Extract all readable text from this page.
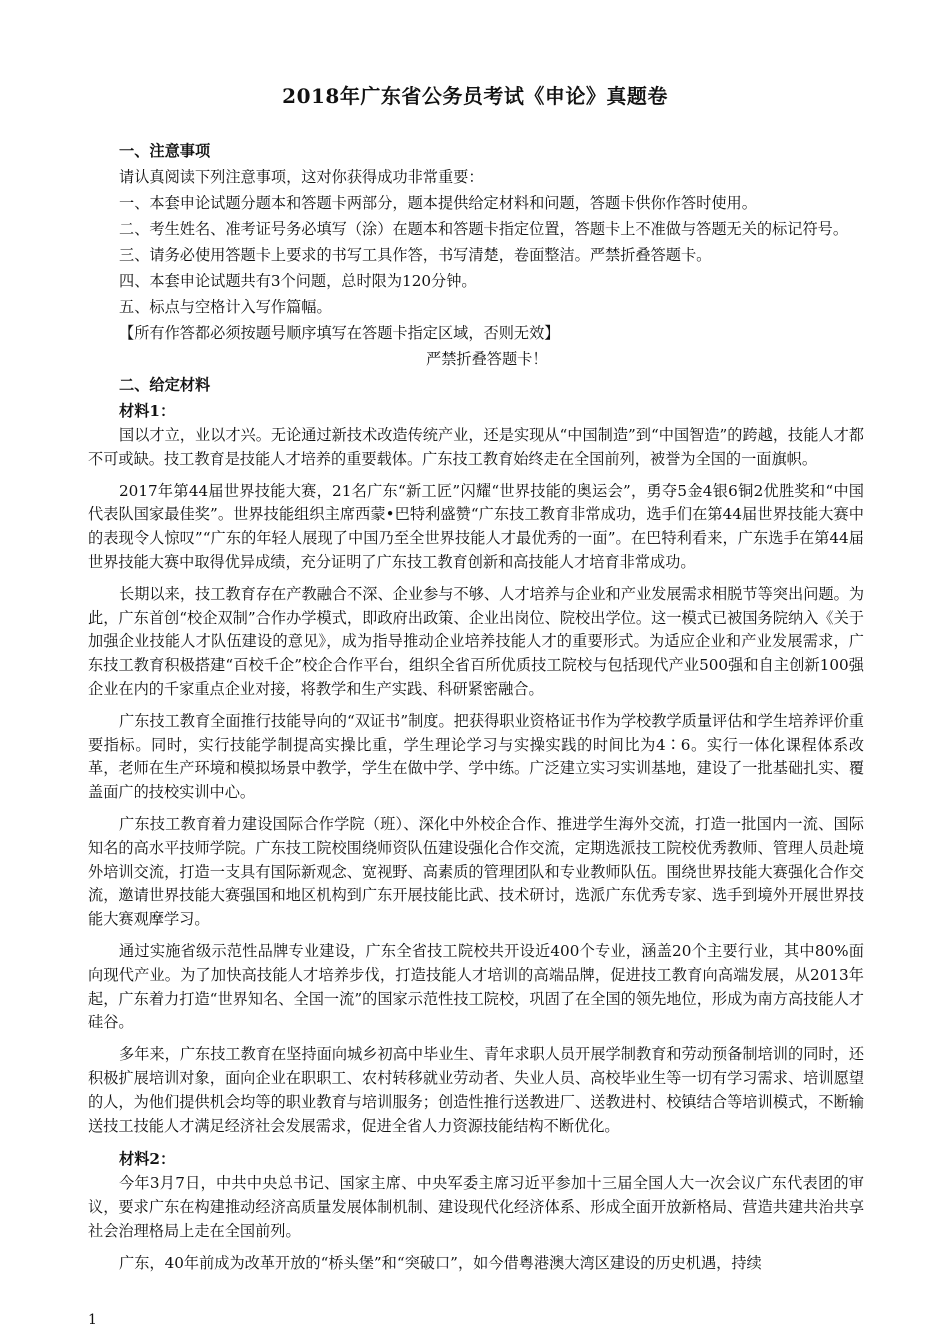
2018年广东省公务员考试《申论》真题卷

一、注意事项

请认真阅读下列注意事项，这对你获得成功非常重要：

一、本套申论试题分题本和答题卡两部分，题本提供给定材料和问题，答题卡供你作答时使用。

二、考生姓名、准考证号务必填写（涂）在题本和答题卡指定位置，答题卡上不准做与答题无关的标记符号。

三、请务必使用答题卡上要求的书写工具作答，书写清楚，卷面整洁。严禁折叠答题卡。

四、本套申论试题共有3个问题，总时限为120分钟。

五、标点与空格计入写作篇幅。

【所有作答都必须按题号顺序填写在答题卡指定区域，否则无效】

严禁折叠答题卡！

二、给定材料

材料1：

国以才立，业以才兴。无论通过新技术改造传统产业，还是实现从“中国制造”到“中国智造”的跨越，技能人才都不可或缺。技工教育是技能人才培养的重要载体。广东技工教育始终走在全国前列，被誉为全国的一面旗帜。

2017年第44届世界技能大赛，21名广东“新工匠”闪耀“世界技能的奥运会”，勇夺5金4银6铜2优胜奖和“中国代表队国家最佳奖”。世界技能组织主席西蒙•巴特利盛赞“广东技工教育非常成功，选手们在第44届世界技能大赛中的表现令人惊叹”“广东的年轻人展现了中国乃至全世界技能人才最优秀的一面”。在巴特利看来，广东选手在第44届世界技能大赛中取得优异成绩，充分证明了广东技工教育创新和高技能人才培育非常成功。

长期以来，技工教育存在产教融合不深、企业参与不够、人才培养与企业和产业发展需求相脱节等突出问题。为此，广东首创“校企双制”合作办学模式，即政府出政策、企业出岗位、院校出学位。这一模式已被国务院纳入《关于加强企业技能人才队伍建设的意见》，成为指导推动企业培养技能人才的重要形式。为适应企业和产业发展需求，广东技工教育积极搭建“百校千企”校企合作平台，组织全省百所优质技工院校与包括现代产业500强和自主创新100强企业在内的千家重点企业对接，将教学和生产实践、科研紧密融合。

广东技工教育全面推行技能导向的“双证书”制度。把获得职业资格证书作为学校教学质量评估和学生培养评价重要指标。同时，实行技能学制提高实操比重，学生理论学习与实操实践的时间比为4∶6。实行一体化课程体系改革，老师在生产环境和模拟场景中教学，学生在做中学、学中练。广泛建立实习实训基地，建设了一批基础扎实、覆盖面广的技校实训中心。

广东技工教育着力建设国际合作学院（班）、深化中外校企合作、推进学生海外交流，打造一批国内一流、国际知名的高水平技师学院。广东技工院校围绕师资队伍建设强化合作交流，定期选派技工院校优秀教师、管理人员赴境外培训交流，打造一支具有国际新观念、宽视野、高素质的管理团队和专业教师队伍。围绕世界技能大赛强化合作交流，邀请世界技能大赛强国和地区机构到广东开展技能比武、技术研讨，选派广东优秀专家、选手到境外开展世界技能大赛观摩学习。

通过实施省级示范性品牌专业建设，广东全省技工院校共开设近400个专业，涵盖20个主要行业，其中80%面向现代产业。为了加快高技能人才培养步伐，打造技能人才培训的高端品牌，促进技工教育向高端发展，从2013年起，广东着力打造“世界知名、全国一流”的国家示范性技工院校，巩固了在全国的领先地位，形成为南方高技能人才硅谷。

多年来，广东技工教育在坚持面向城乡初高中毕业生、青年求职人员开展学制教育和劳动预备制培训的同时，还积极扩展培训对象，面向企业在职职工、农村转移就业劳动者、失业人员、高校毕业生等一切有学习需求、培训愿望的人，为他们提供机会均等的职业教育与培训服务；创造性推行送教进厂、送教进村、校镇结合等培训模式，不断输送技工技能人才满足经济社会发展需求，促进全省人力资源技能结构不断优化。

材料2：

今年3月7日，中共中央总书记、国家主席、中央军委主席习近平参加十三届全国人大一次会议广东代表团的审议，要求广东在构建推动经济高质量发展体制机制、建设现代化经济体系、形成全面开放新格局、营造共建共治共享社会治理格局上走在全国前列。

广东，40年前成为改革开放的“桥头堡”和“突破口”，如今借粤港澳大湾区建设的历史机遇，持续

1
